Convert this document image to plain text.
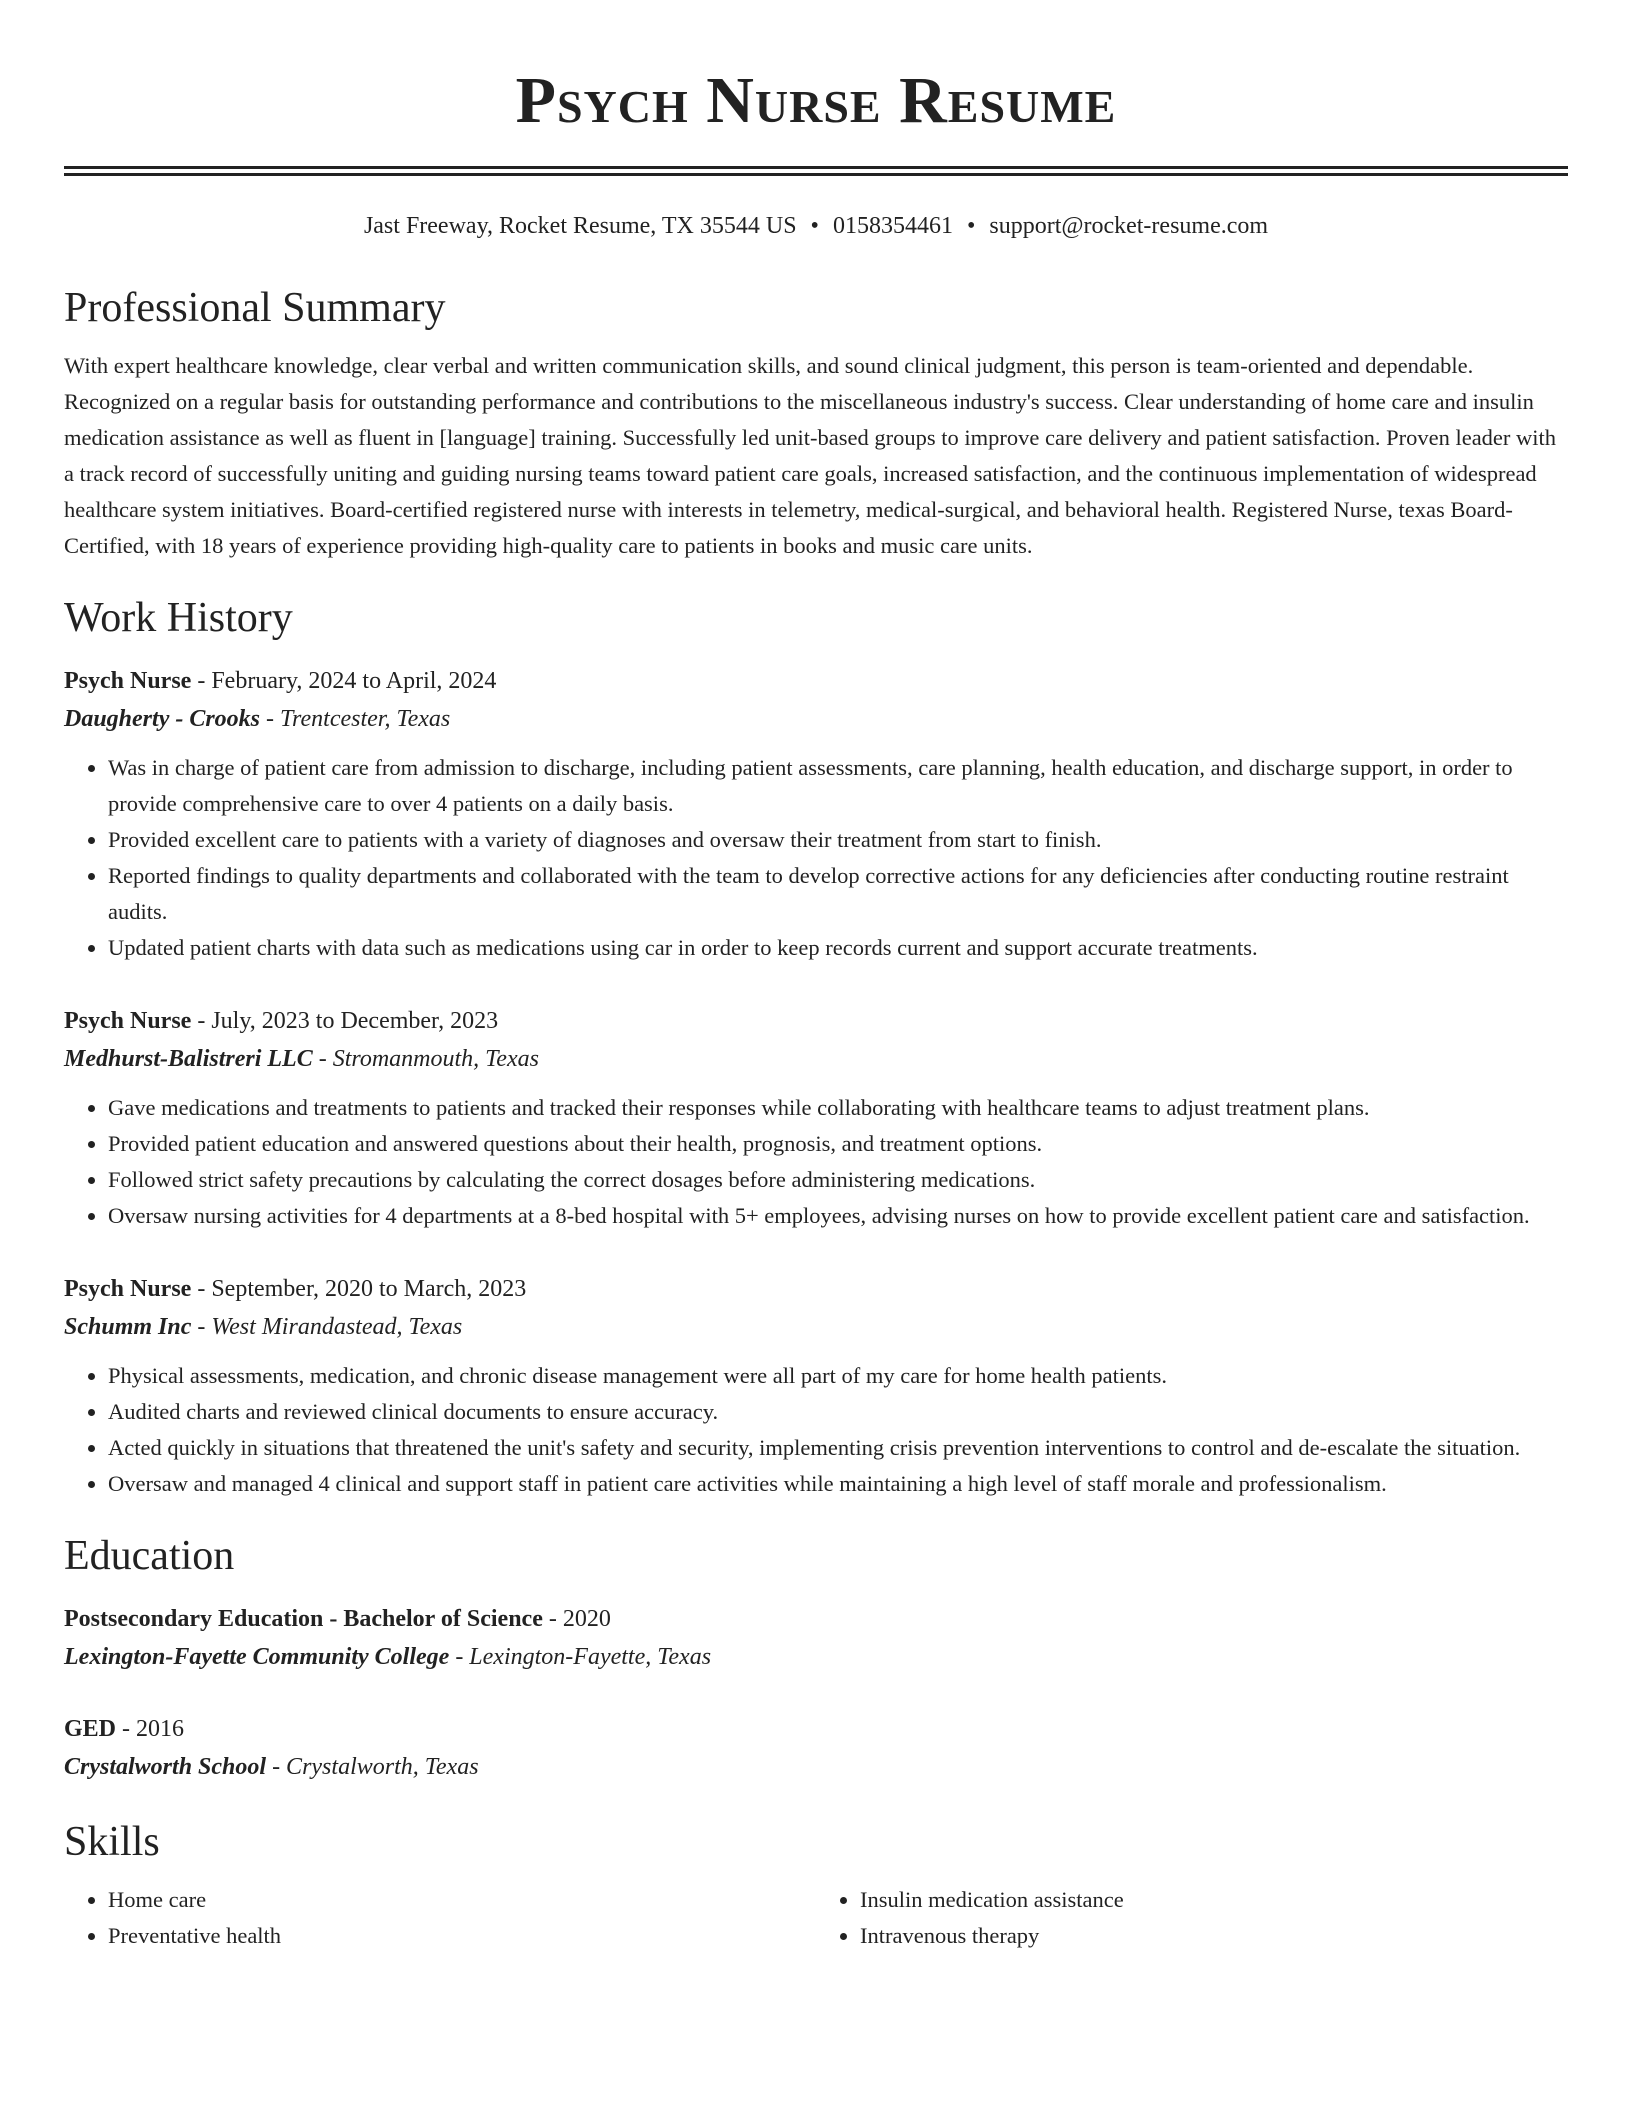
Psych Nurse Resume
Jast Freeway, Rocket Resume, TX 35544 US • 0158354461 • support@rocket-resume.com
Professional Summary

With expert healthcare knowledge, clear verbal and written communication skills, and sound clinical judgment, this person is team-oriented and dependable. Recognized on a regular basis for outstanding performance and contributions to the miscellaneous industry's success. Clear understanding of home care and insulin medication assistance as well as fluent in [language] training. Successfully led unit-based groups to improve care delivery and patient satisfaction. Proven leader with a track record of successfully uniting and guiding nursing teams toward patient care goals, increased satisfaction, and the continuous implementation of widespread healthcare system initiatives. Board-certified registered nurse with interests in telemetry, medical-surgical, and behavioral health. Registered Nurse, texas Board-Certified, with 18 years of experience providing high-quality care to patients in books and music care units.

Work History
Psych Nurse - February, 2024 to April, 2024
Daugherty - Crooks - Trentcester, Texas
• Was in charge of patient care from admission to discharge, including patient assessments, care planning, health education, and discharge support, in order to provide comprehensive care to over 4 patients on a daily basis.
• Provided excellent care to patients with a variety of diagnoses and oversaw their treatment from start to finish.
• Reported findings to quality departments and collaborated with the team to develop corrective actions for any deficiencies after conducting routine restraint audits.
• Updated patient charts with data such as medications using car in order to keep records current and support accurate treatments.
Psych Nurse - July, 2023 to December, 2023
Medhurst-Balistreri LLC - Stromanmouth, Texas
• Gave medications and treatments to patients and tracked their responses while collaborating with healthcare teams to adjust treatment plans.
• Provided patient education and answered questions about their health, prognosis, and treatment options.
• Followed strict safety precautions by calculating the correct dosages before administering medications.
• Oversaw nursing activities for 4 departments at a 8-bed hospital with 5+ employees, advising nurses on how to provide excellent patient care and satisfaction.
Psych Nurse - September, 2020 to March, 2023
Schumm Inc - West Mirandastead, Texas
• Physical assessments, medication, and chronic disease management were all part of my care for home health patients.
• Audited charts and reviewed clinical documents to ensure accuracy.
• Acted quickly in situations that threatened the unit's safety and security, implementing crisis prevention interventions to control and de-escalate the situation.
• Oversaw and managed 4 clinical and support staff in patient care activities while maintaining a high level of staff morale and professionalism.
Education
Postsecondary Education - Bachelor of Science - 2020
Lexington-Fayette Community College - Lexington-Fayette, Texas
GED - 2016
Crystalworth School - Crystalworth, Texas
Skills
• Home care
• Preventative health
• Insulin medication assistance
• Intravenous therapy
